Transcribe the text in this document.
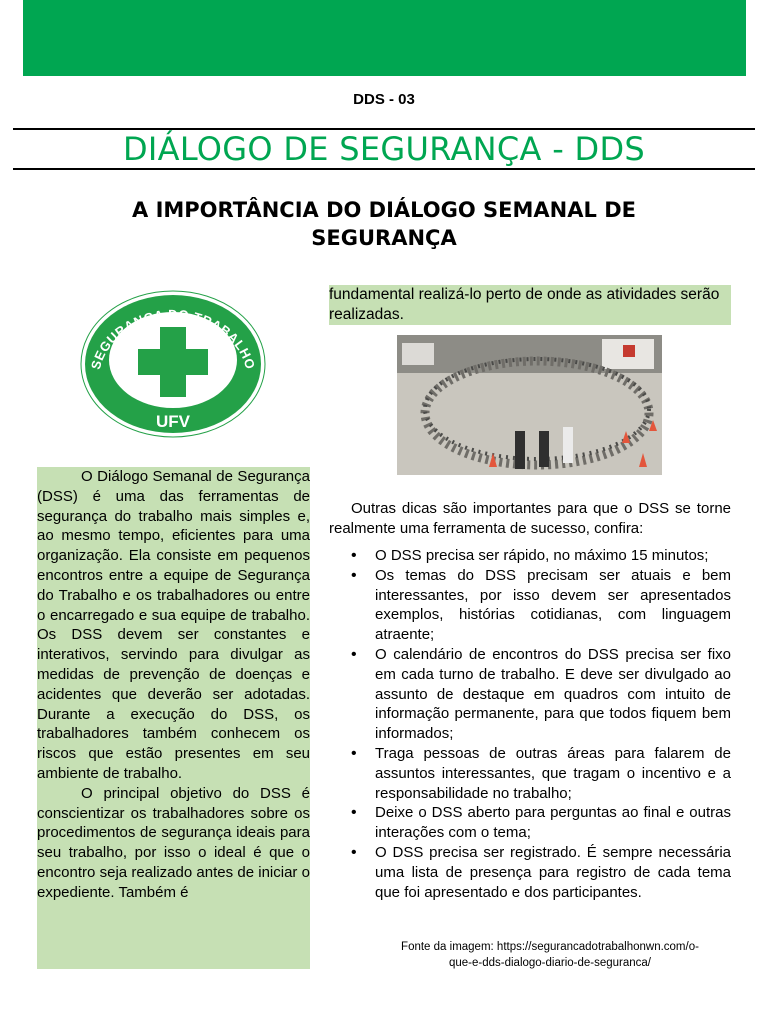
DDS - 03
DIÁLOGO DE SEGURANÇA - DDS
A IMPORTÂNCIA DO DIÁLOGO SEMANAL DE
SEGURANÇA
SEGURANÇA DO TRABALHO
UFV

O Diálogo Semanal de Segurança (DSS) é uma das ferramentas de segurança do trabalho mais simples e, ao mesmo tempo, eficientes para uma organização. Ela consiste em pequenos encontros entre a equipe de Segurança do Trabalho e os trabalhadores ou entre o encarregado e sua equipe de trabalho. Os DSS devem ser constantes e interativos, servindo para divulgar as medidas de prevenção de doenças e acidentes que deverão ser adotadas. Durante a execução do DSS, os trabalhadores também conhecem os riscos que estão presentes em seu ambiente de trabalho.

O principal objetivo do DSS é conscientizar os trabalhadores sobre os procedimentos de segurança ideais para seu trabalho, por isso o ideal é que o encontro seja realizado antes de iniciar o expediente. Também é

fundamental realizá-lo perto de onde as atividades serão realizadas.

Outras dicas são importantes para que o DSS se torne realmente uma ferramenta de sucesso, confira:

• O DSS precisa ser rápido, no máximo 15 minutos;
• Os temas do DSS precisam ser atuais e bem interessantes, por isso devem ser apresentados exemplos, histórias cotidianas, com linguagem atraente;
• O calendário de encontros do DSS precisa ser fixo em cada turno de trabalho. E deve ser divulgado ao assunto de destaque em quadros com intuito de informação permanente, para que todos fiquem bem informados;
• Traga pessoas de outras áreas para falarem de assuntos interessantes, que tragam o incentivo e a responsabilidade no trabalho;
• Deixe o DSS aberto para perguntas ao final e outras interações com o tema;
• O DSS precisa ser registrado. É sempre necessária uma lista de presença para registro de cada tema que foi apresentado e dos participantes.
Fonte da imagem: https://segurancadotrabalhonwn.com/o-
que-e-dds-dialogo-diario-de-seguranca/
